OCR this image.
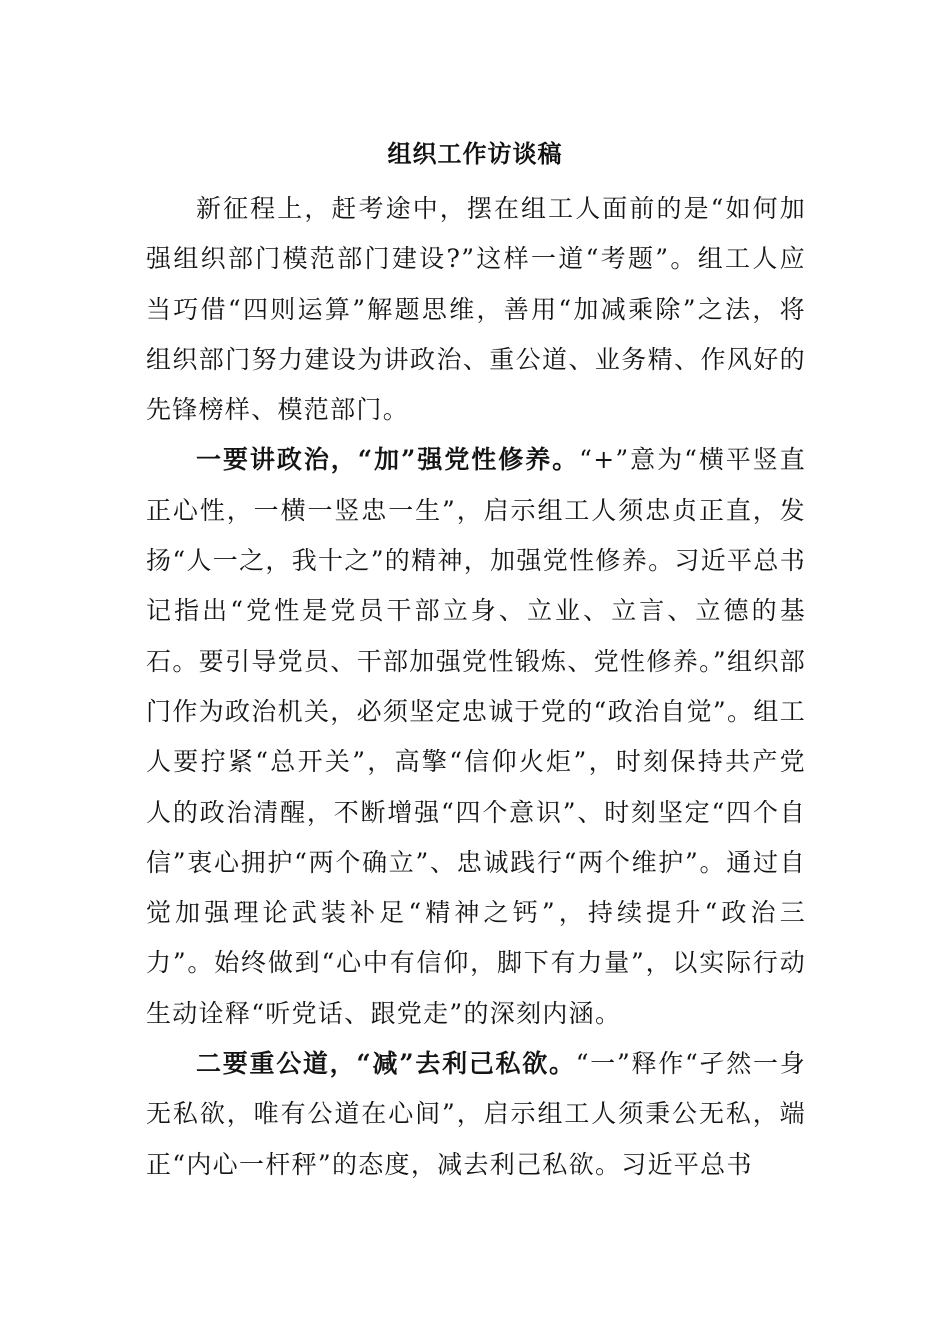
组织工作访谈稿

新征程上，赶考途中，摆在组工人面前的是“如何加强组织部门模范部门建设?”这样一道“考题”。组工人应当巧借“四则运算”解题思维，善用“加减乘除”之法，将组织部门努力建设为讲政治、重公道、业务精、作风好的先锋榜样、模范部门。

一要讲政治，“加”强党性修养。“+”意为“横平竖直正心性，一横一竖忠一生”，启示组工人须忠贞正直，发扬“人一之，我十之”的精神，加强党性修养。习近平总书记指出“党性是党员干部立身、立业、立言、立德的基石。要引导党员、干部加强党性锻炼、党性修养。”组织部门作为政治机关，必须坚定忠诚于党的“政治自觉”。组工人要拧紧“总开关”，高擎“信仰火炬”，时刻保持共产党人的政治清醒，不断增强“四个意识”、时刻坚定“四个自信”衷心拥护“两个确立”、忠诚践行“两个维护”。通过自觉加强理论武装补足“精神之钙”，持续提升“政治三力”。始终做到“心中有信仰，脚下有力量”，以实际行动生动诠释“听党话、跟党走”的深刻内涵。

二要重公道，“减”去利己私欲。“一”释作“孑然一身无私欲，唯有公道在心间”，启示组工人须秉公无私，端正“内心一杆秤”的态度，减去利己私欲。习近平总书
